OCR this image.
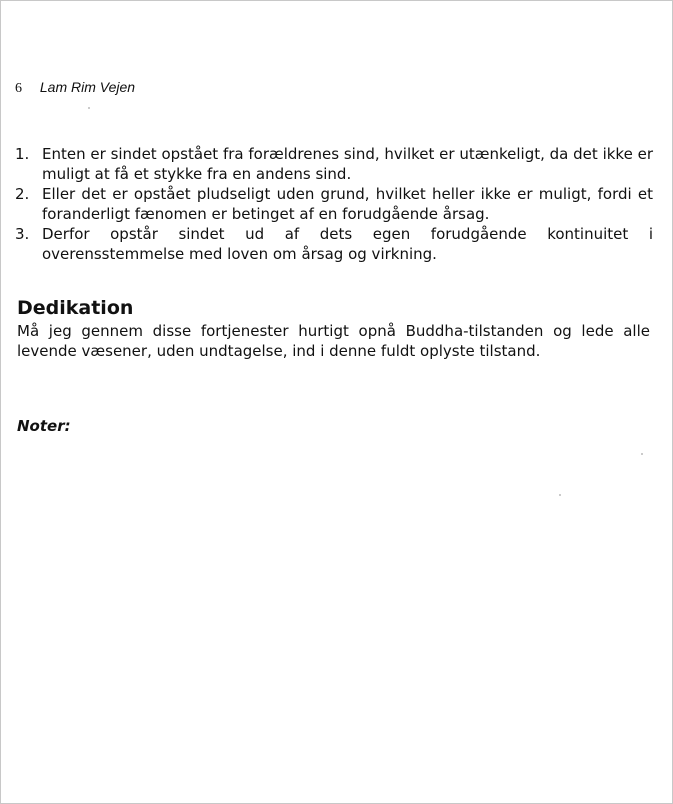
6 Lam Rim Vejen
1. Enten er sindet opstået fra forældrenes sind, hvilket er utænkeligt, da det ikke er muligt at få et stykke fra en andens sind.
2. Eller det er opstået pludseligt uden grund, hvilket heller ikke er muligt, fordi et foranderligt fænomen er betinget af en forudgående årsag.
3. Derfor opstår sindet ud af dets egen forudgående kontinuitet i overensstemmelse med loven om årsag og virkning.
Dedikation

Må jeg gennem disse fortjenester hurtigt opnå Buddha-tilstanden og lede alle levende væsener, uden undtagelse, ind i denne fuldt oplyste tilstand.

Noter:
